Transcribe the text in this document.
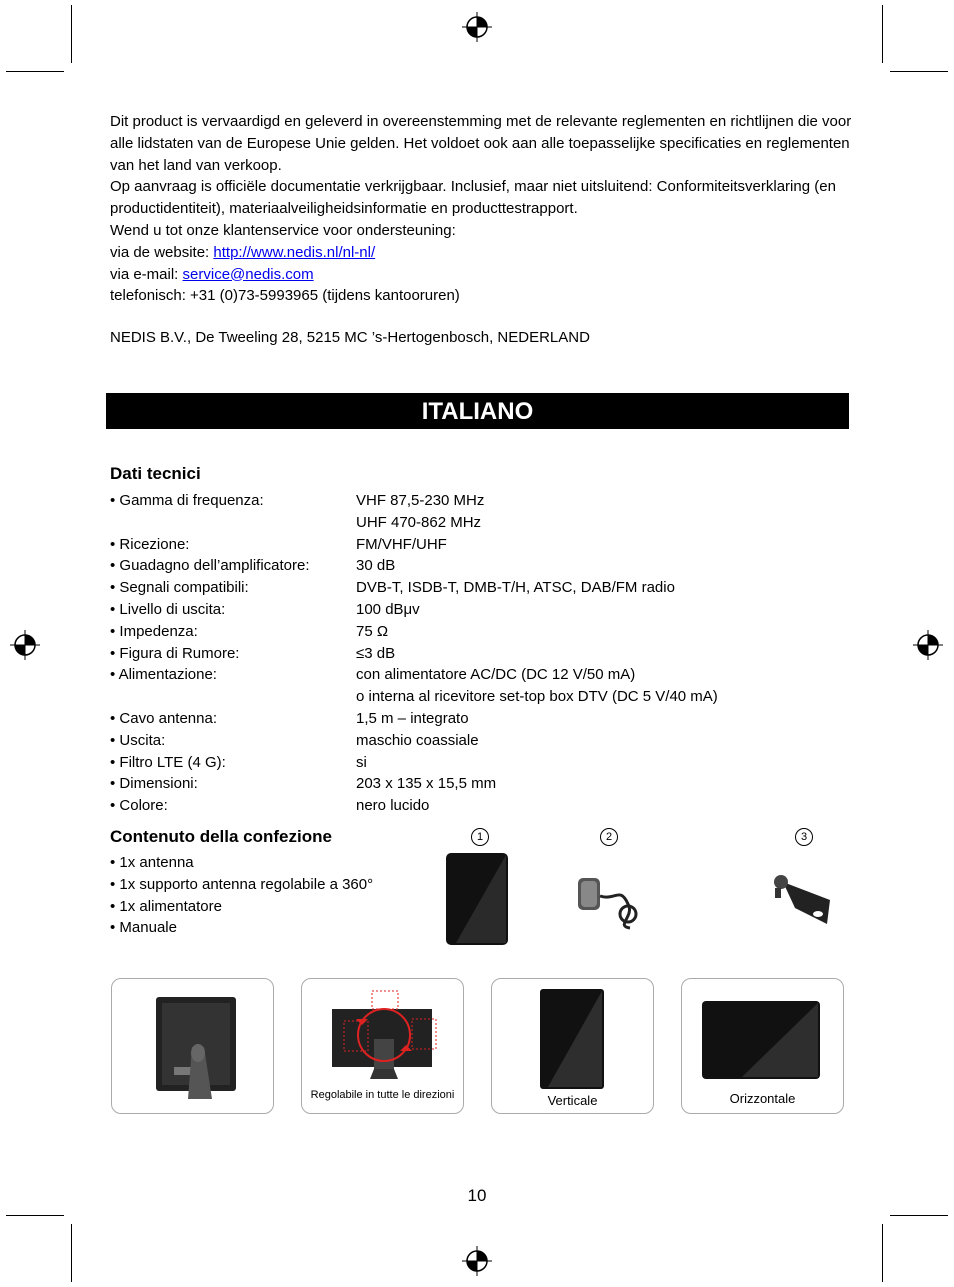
Dit product is vervaardigd en geleverd in overeenstemming met de relevante reglementen en richtlijnen die voor alle lidstaten van de Europese Unie gelden. Het voldoet ook aan alle toepasselijke specificaties en reglementen van het land van verkoop.

Op aanvraag is officiële documentatie verkrijgbaar. Inclusief, maar niet uitsluitend: Conformiteitsverklaring (en productidentiteit), materiaalveiligheidsinformatie en producttestrapport.

Wend u tot onze klantenservice voor ondersteuning:

via de website: http://www.nedis.nl/nl-nl/

via e-mail: service@nedis.com

telefonisch: +31 (0)73-5993965 (tijdens kantooruren)

NEDIS B.V., De Tweeling 28, 5215 MC ’s-Hertogenbosch, NEDERLAND
ITALIANO
Dati tecnici
• Gamma di frequenza:	VHF 87,5-230 MHz
UHF 470-862 MHz
• Ricezione:	FM/VHF/UHF
• Guadagno dell’amplificatore:	30 dB
• Segnali compatibili:	DVB-T, ISDB-T, DMB-T/H, ATSC, DAB/FM radio
• Livello di uscita:	100 dBμv
• Impedenza:	75 Ω
• Figura di Rumore:	≤3 dB
• Alimentazione:	con alimentatore AC/DC (DC 12 V/50 mA)
o interna al ricevitore set-top box DTV (DC 5 V/40 mA)
• Cavo antenna:	1,5 m – integrato
• Uscita:	maschio coassiale
• Filtro LTE (4 G):	si
• Dimensioni:	203 x 135 x 15,5 mm
• Colore:	nero lucido
Contenuto della confezione
• 1x antenna
• 1x supporto antenna regolabile a 360°
• 1x alimentatore
• Manuale
1	2	3
Regolabile in tutte le direzioni	Verticale	Orizzontale
10
